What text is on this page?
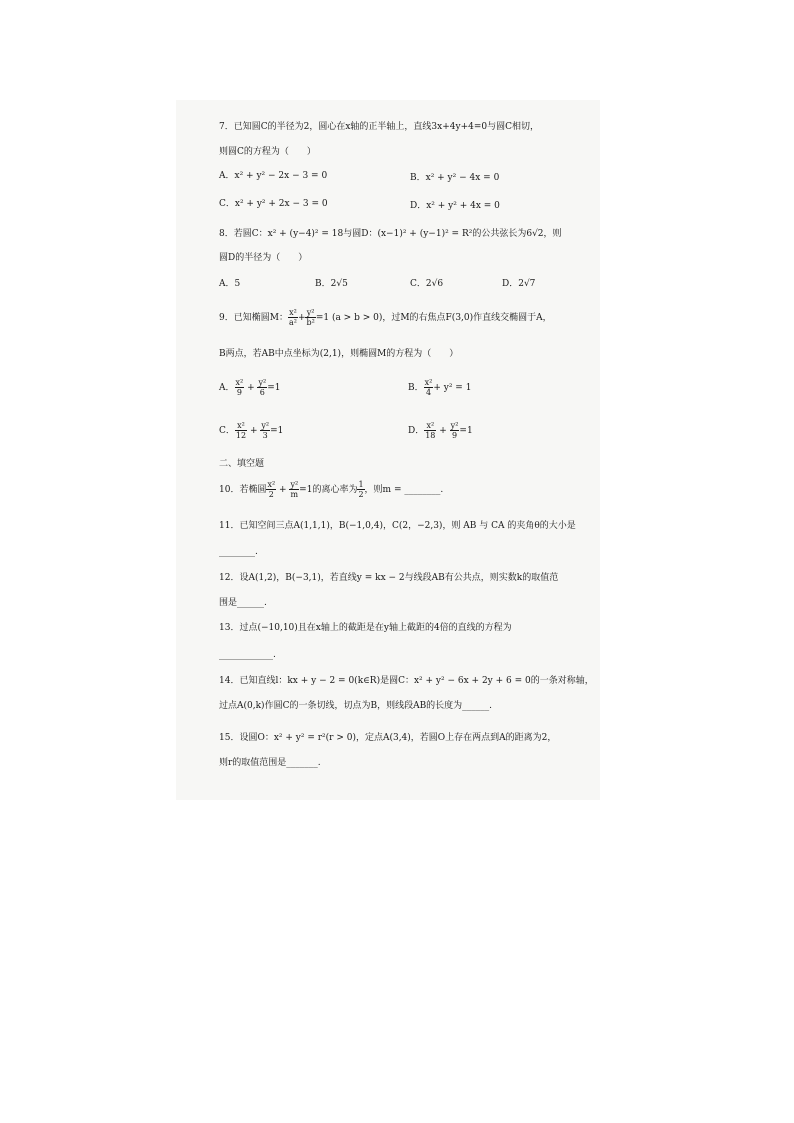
7．已知圆C的半径为2，圆心在x轴的正半轴上，直线3x+4y+4=0与圆C相切，
则圆C的方程为（　　）
A．x² + y² − 2x − 3 = 0	B．x² + y² − 4x = 0
C．x² + y² + 2x − 3 = 0	D．x² + y² + 4x = 0
8．若圆C：x² + (y−4)² = 18与圆D：(x−1)² + (y−1)² = R²的公共弦长为6√2，则
圆D的半径为（　　）
A．5	B．2√5	C．2√6	D．2√7
9．已知椭圆M： $\frac{\text{x²}}{\text{a²}} + \frac{\text{y²}}{\text{b²}} =1$ (a > b > 0)，过M的右焦点F(3,0)作直线交椭圆于A，
B两点，若AB中点坐标为(2,1)，则椭圆M的方程为（　　）
A． $\frac{\text{x²}}{9} + \frac{\text{y²}}{6} =1$	B． $\frac{\text{x²}}{4} + y^2 = 1$
C． $\frac{\text{x²}}{12} + \frac{\text{y²}}{3} =1$	D． $\frac{\text{x²}}{18} + \frac{\text{y²}}{9} =1$
二、填空题
10．若椭圆 $\frac{\text{x²}}{2} + \frac{\text{y²}}{m} =1$的离心率为 $\frac{1}{2}$ ，则m = ________.
11．已知空间三点A(1,1,1)，B(−1,0,4)，C(2，−2,3)，则 AB 与 CA 的夹角θ的大小是
________.
12．设A(1,2)，B(−3,1)，若直线y = kx − 2与线段AB有公共点，则实数k的取值范
围是______.
13．过点(−10,10)且在x轴上的截距是在y轴上截距的4倍的直线的方程为
____________.
14．已知直线l：kx + y − 2 = 0(k∈R)是圆C：x² + y² − 6x + 2y + 6 = 0的一条对称轴，
过点A(0,k)作圆C的一条切线，切点为B，则线段AB的长度为______.
15．设圆O：x² + y² = r²(r > 0)，定点A(3,4)，若圆O上存在两点到A的距离为2，
则r的取值范围是_______.
